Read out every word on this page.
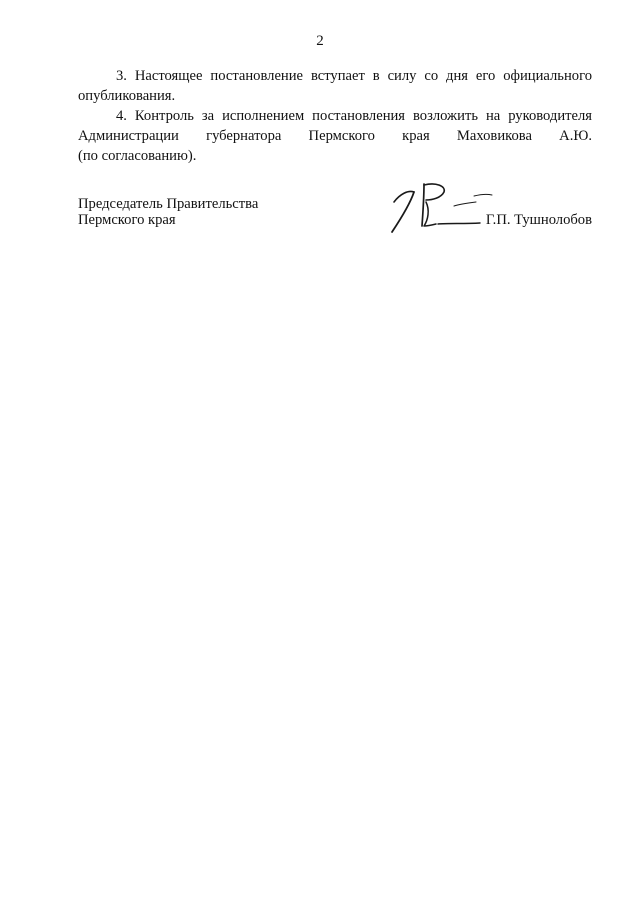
2

3. Настоящее постановление вступает в силу со дня его официального опубликования.

4. Контроль за исполнением постановления возложить на руководителя
Администрации губернатора Пермского края Маховикова А.Ю.
(по согласованию).

Председатель Правительства
Пермского края	Г.П. Тушнолобов
